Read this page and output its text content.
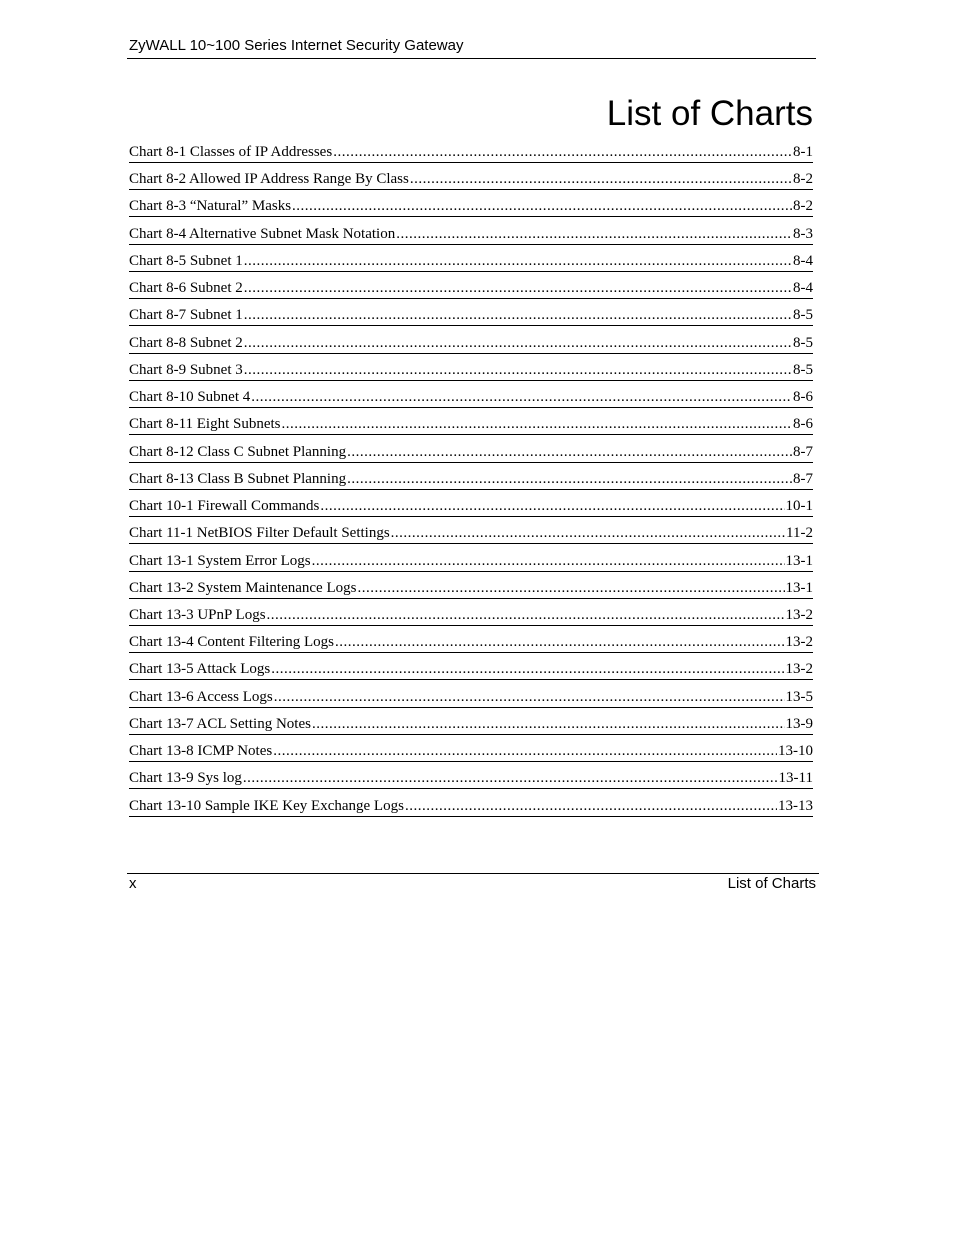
ZyWALL 10~100 Series Internet Security Gateway
List of Charts
Chart 8-1 Classes of IP Addresses .....	8-1
Chart 8-2 Allowed IP Address Range By Class .....	8-2
Chart 8-3 “Natural” Masks .....	8-2
Chart 8-4 Alternative Subnet Mask Notation .....	8-3
Chart 8-5 Subnet 1 .....	8-4
Chart 8-6 Subnet 2 .....	8-4
Chart 8-7 Subnet 1 .....	8-5
Chart 8-8 Subnet 2 .....	8-5
Chart 8-9 Subnet 3 .....	8-5
Chart 8-10 Subnet 4 .....	8-6
Chart 8-11 Eight Subnets .....	8-6
Chart 8-12 Class C Subnet Planning .....	8-7
Chart 8-13 Class B Subnet Planning .....	8-7
Chart 10-1 Firewall Commands .....	10-1
Chart 11-1 NetBIOS Filter Default Settings .....	11-2
Chart 13-1 System Error Logs .....	13-1
Chart 13-2 System Maintenance Logs .....	13-1
Chart 13-3 UPnP Logs .....	13-2
Chart 13-4 Content Filtering Logs .....	13-2
Chart 13-5 Attack Logs .....	13-2
Chart 13-6 Access Logs .....	13-5
Chart 13-7 ACL Setting Notes .....	13-9
Chart 13-8 ICMP Notes .....	13-10
Chart 13-9 Sys log .....	13-11
Chart 13-10 Sample IKE Key Exchange Logs .....	13-13
x	List of Charts
